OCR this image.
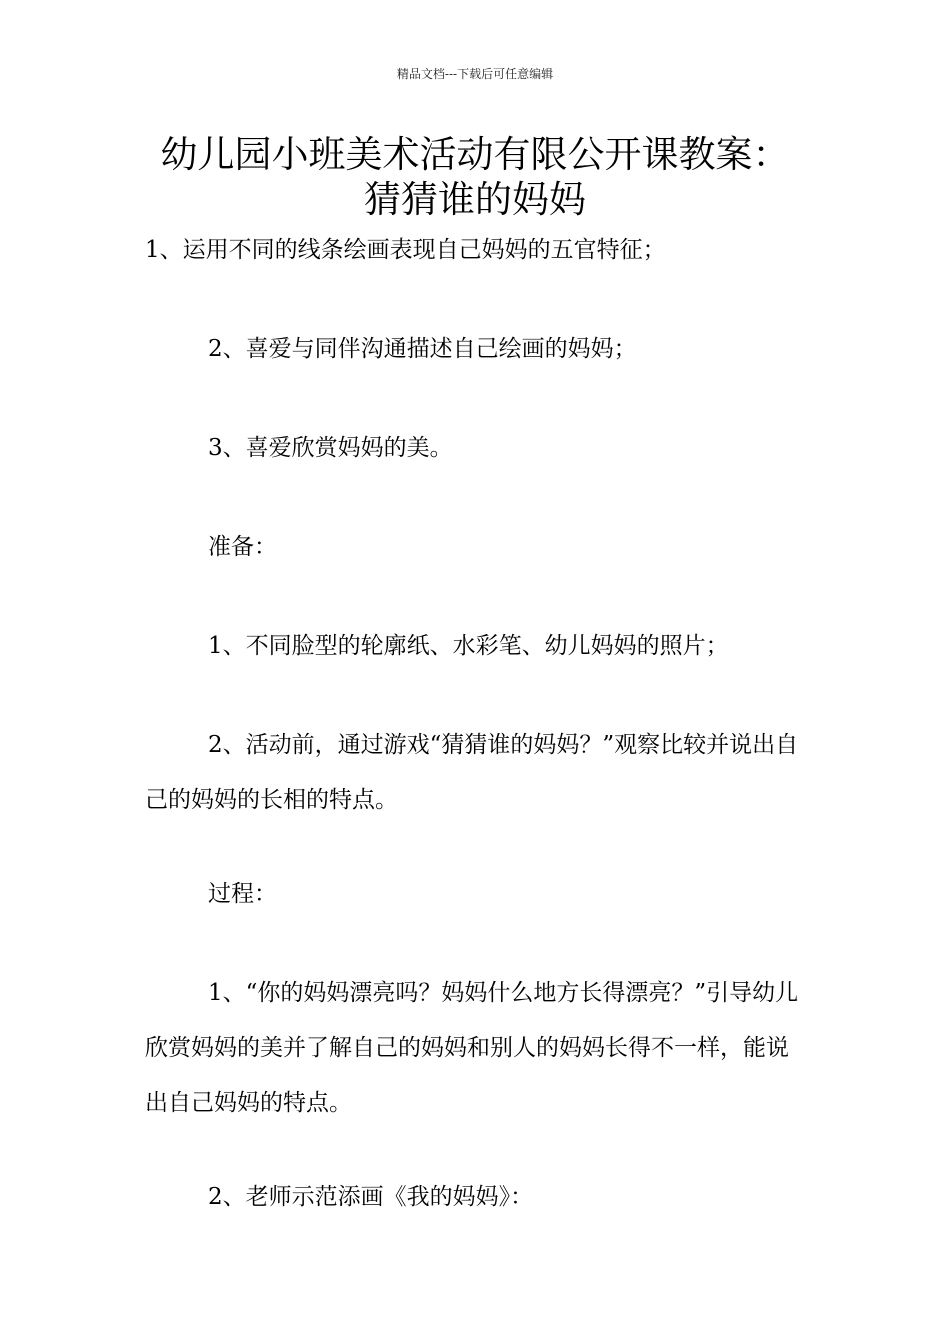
精品文档---下载后可任意编辑
幼儿园小班美术活动有限公开课教案：
猜猜谁的妈妈

1、运用不同的线条绘画表现自己妈妈的五官特征；

2、喜爱与同伴沟通描述自己绘画的妈妈；

3、喜爱欣赏妈妈的美。

准备：

1、不同脸型的轮廓纸、水彩笔、幼儿妈妈的照片；

2、活动前，通过游戏“猜猜谁的妈妈？”观察比较并说出自己的妈妈的长相的特点。

过程：

1、“你的妈妈漂亮吗？妈妈什么地方长得漂亮？”引导幼儿欣赏妈妈的美并了解自己的妈妈和别人的妈妈长得不一样，能说出自己妈妈的特点。

2、老师示范添画《我的妈妈》：
